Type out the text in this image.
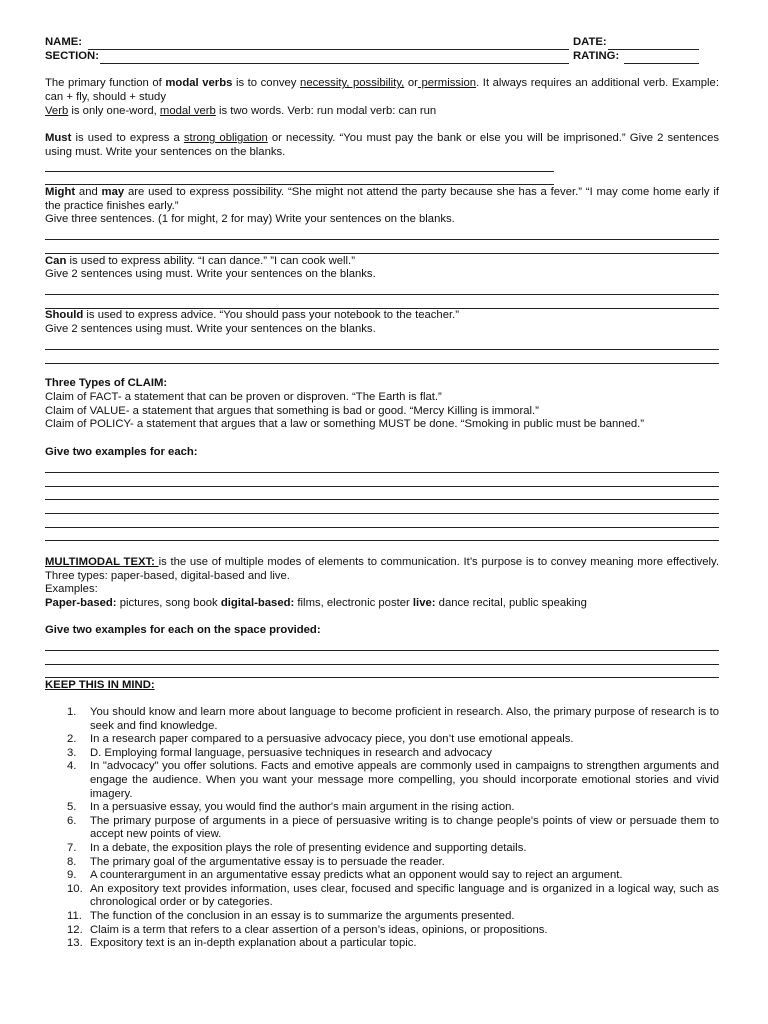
NAME:	DATE:
SECTION:	RATING:

The primary function of modal verbs is to convey necessity, possibility, or permission. It always requires an additional verb. Example: can + fly, should + study

Verb is only one-word, modal verb is two words. Verb: run modal verb: can run

Must is used to express a strong obligation or necessity. “You must pay the bank or else you will be imprisoned.” Give 2 sentences using must. Write your sentences on the blanks.

Might and may are used to express possibility. “She might not attend the party because she has a fever.” “I may come home early if the practice finishes early.”

Give three sentences. (1 for might, 2 for may) Write your sentences on the blanks.

Can is used to express ability. “I can dance.” ”I can cook well.”

Give 2 sentences using must. Write your sentences on the blanks.

Should is used to express advice. “You should pass your notebook to the teacher.”

Give 2 sentences using must. Write your sentences on the blanks.

Three Types of CLAIM:

Claim of FACT- a statement that can be proven or disproven. “The Earth is flat.”

Claim of VALUE- a statement that argues that something is bad or good. “Mercy Killing is immoral.”

Claim of POLICY- a statement that argues that a law or something MUST be done. “Smoking in public must be banned.”

Give two examples for each:

MULTIMODAL TEXT: is the use of multiple modes of elements to communication. It’s purpose is to convey meaning more effectively. Three types: paper-based, digital-based and live.

Examples:

Paper-based: pictures, song book digital-based: films, electronic poster live: dance recital, public speaking

Give two examples for each on the space provided:
KEEP THIS IN MIND:
1.	You should know and learn more about language to become proficient in research. Also, the primary purpose of research is to seek and find knowledge.
2.	In a research paper compared to a persuasive advocacy piece, you don’t use emotional appeals.
3.	D. Employing formal language, persuasive techniques in research and advocacy
4.	In "advocacy" you offer solutions. Facts and emotive appeals are commonly used in campaigns to strengthen arguments and engage the audience. When you want your message more compelling, you should incorporate emotional stories and vivid imagery.
5.	In a persuasive essay, you would find the author's main argument in the rising action.
6.	The primary purpose of arguments in a piece of persuasive writing is to change people's points of view or persuade them to accept new points of view.
7.	In a debate, the exposition plays the role of presenting evidence and supporting details.
8.	The primary goal of the argumentative essay is to persuade the reader.
9.	A counterargument in an argumentative essay predicts what an opponent would say to reject an argument.
10. An expository text provides information, uses clear, focused and specific language and is organized in a logical way, such as chronological order or by categories.
11. The function of the conclusion in an essay is to summarize the arguments presented.
12. Claim is a term that refers to a clear assertion of a person’s ideas, opinions, or propositions.
13. Expository text is an in-depth explanation about a particular topic.
